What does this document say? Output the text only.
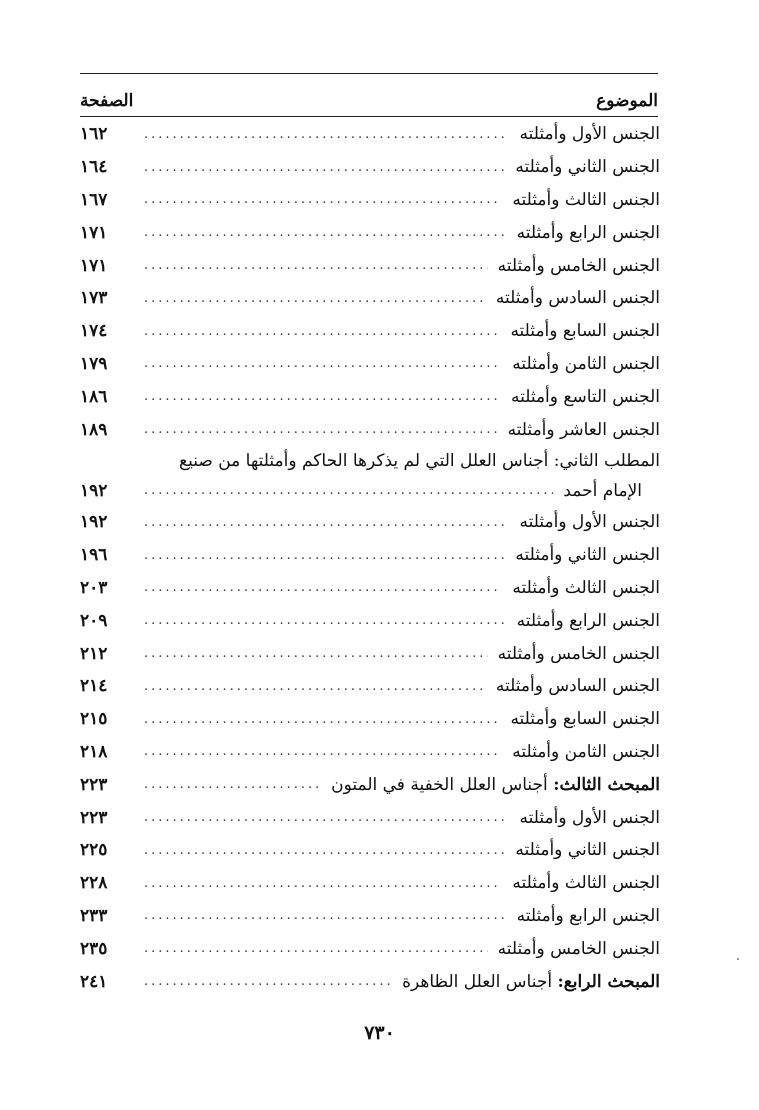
الموضوع
الصفحة
الجنس الأول وأمثلته
.....
١٦٢
الجنس الثاني وأمثلته
.....
١٦٤
الجنس الثالث وأمثلته
.....
١٦٧
الجنس الرابع وأمثلته
.....
١٧١
الجنس الخامس وأمثلته
.....
١٧١
الجنس السادس وأمثلته
.....
١٧٣
الجنس السابع وأمثلته
.....
١٧٤
الجنس الثامن وأمثلته
.....
١٧٩
الجنس التاسع وأمثلته
.....
١٨٦
الجنس العاشر وأمثلته
.....
١٨٩
المطلب الثاني: أجناس العلل التي لم يذكرها الحاكم وأمثلتها من صنيع
الإمام أحمد
.....
١٩٢
الجنس الأول وأمثلته
.....
١٩٢
الجنس الثاني وأمثلته
.....
١٩٦
الجنس الثالث وأمثلته
.....
٢٠٣
الجنس الرابع وأمثلته
.....
٢٠٩
الجنس الخامس وأمثلته
.....
٢١٢
الجنس السادس وأمثلته
.....
٢١٤
الجنس السابع وأمثلته
.....
٢١٥
الجنس الثامن وأمثلته
.....
٢١٨
المبحث الثالث: أجناس العلل الخفية في المتون
.....
٢٢٣
الجنس الأول وأمثلته
.....
٢٢٣
الجنس الثاني وأمثلته
.....
٢٢٥
الجنس الثالث وأمثلته
.....
٢٢٨
الجنس الرابع وأمثلته
.....
٢٣٣
الجنس الخامس وأمثلته
.....
٢٣٥
المبحث الرابع: أجناس العلل الظاهرة
.....
٢٤١
٧٣٠
